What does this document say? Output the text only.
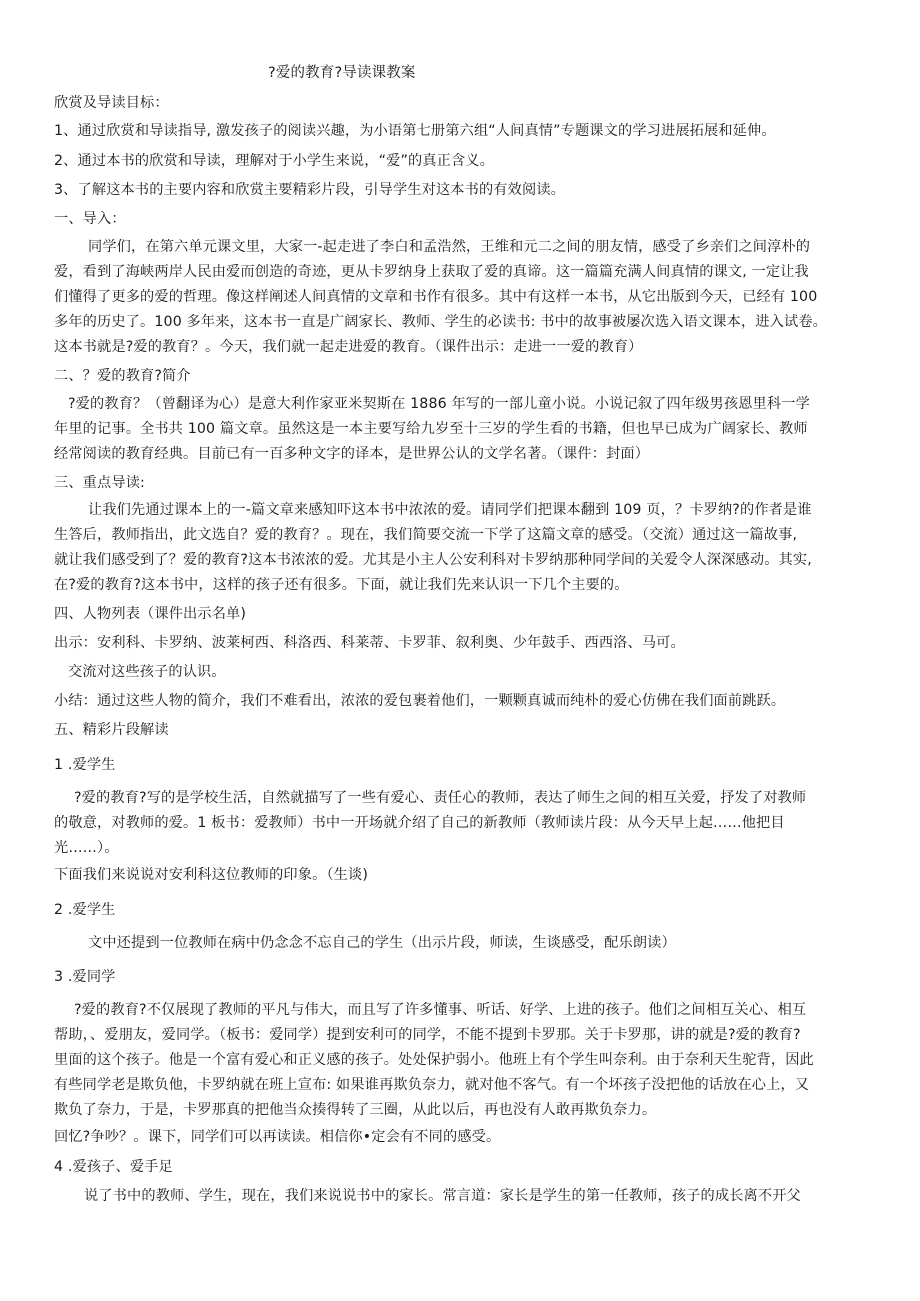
?爱的教育?导读课教案
欣赏及导读目标：
1、通过欣赏和导读指导, 激发孩子的阅读兴趣，为小语第七册第六组“人间真情”专题课文的学习进展拓展和延伸。
2、通过本书的欣赏和导读，理解对于小学生来说，“爱”的真正含义。
3、了解这本书的主要内容和欣赏主要精彩片段，引导学生对这本书的有效阅读。
一、导入：
同学们，在第六单元课文里，大家一-起走进了李白和孟浩然，王维和元二之间的朋友情，感受了乡亲们之间淳朴的
爱，看到了海峡两岸人民由爱而创造的奇迹，更从卡罗纳身上获取了爱的真谛。这一篇篇充满人间真情的课文, 一定让我
们懂得了更多的爱的哲理。像这样阐述人间真情的文章和书作有很多。其中有这样一本书，从它出版到今天，已经有 100
多年的历史了。100 多年来，这本书一直是广阔家长、教师、学生的必读书: 书中的故事被屡次选入语文课本，进入试卷。
这本书就是?爱的教育？。今天，我们就一起走进爱的教育。（课件出示：走进一一爱的教育）
二、？爱的教育?简介
?爱的教育？（曾翻译为心）是意大利作家亚米契斯在 1886 年写的一部儿童小说。小说记叙了四年级男孩恩里科一学
年里的记事。全书共 100 篇文章。虽然这是一本主要写给九岁至十三岁的学生看的书籍，但也早已成为广阔家长、教师
经常阅读的教育经典。目前已有一百多种文字的译本，是世界公认的文学名著。（课件：封面）
三、重点导读:
让我们先通过课本上的一-篇文章来感知吓这本书中浓浓的爱。请同学们把课本翻到 109 页，？卡罗纳?的作者是谁
生答后，教师指出，此文选自？爱的教育？。现在，我们简要交流一下学了这篇文章的感受。（交流）通过这一篇故事,
就让我们感受到了？爱的教育?这本书浓浓的爱。尤其是小主人公安利科对卡罗纳那种同学间的关爱令人深深感动。其实,
在?爱的教育?这本书中，这样的孩子还有很多。下面，就让我们先来认识一下几个主要的。
四、人物列表（课件出示名单)
出示：安利科、卡罗纳、波莱柯西、科洛西、科莱蒂、卡罗菲、叙利奥、少年鼓手、西西洛、马可。
交流对这些孩子的认识。
小结：通过这些人物的简介，我们不难看出，浓浓的爱包裹着他们，一颗颗真诚而纯朴的爱心仿佛在我们面前跳跃。
五、精彩片段解读
1 .爱学生
?爱的教育?写的是学校生活，自然就描写了一些有爱心、责任心的教师，表达了师生之间的相互关爱，抒发了对教师
的敬意，对教师的爱。1 板书：爱教师）书中一开场就介绍了自己的新教师（教师读片段：从今天早上起……他把目
光……）。
下面我们来说说对安利科这位教师的印象。（生谈)
2 .爱学生
文中还提到一位教师在病中仍念念不忘自己的学生（出示片段，师读，生谈感受，配乐朗读）
3 .爱同学
?爱的教育?不仅展现了教师的平凡与伟大，而且写了许多懂事、听话、好学、上进的孩子。他们之间相互关心、相互
帮助，、爱朋友，爱同学。（板书：爱同学）提到安利可的同学，不能不提到卡罗那。关于卡罗那，讲的就是?爱的教育?
里面的这个孩子。他是一个富有爱心和正义感的孩子。处处保护弱小。他班上有个学生叫奈利。由于奈利天生驼背，因此
有些同学老是欺负他，卡罗纳就在班上宣布: 如果谁再欺负奈力，就对他不客气。有一个坏孩子没把他的话放在心上，又
欺负了奈力，于是，卡罗那真的把他当众揍得转了三圈，从此以后，再也没有人敢再欺负奈力。
回忆?争吵？。课下，同学们可以再读读。相信你•定会有不同的感受。
4 .爱孩子、爱手足
说了书中的教师、学生，现在，我们来说说书中的家长。常言道：家长是学生的第一任教师，孩子的成长离不开父
